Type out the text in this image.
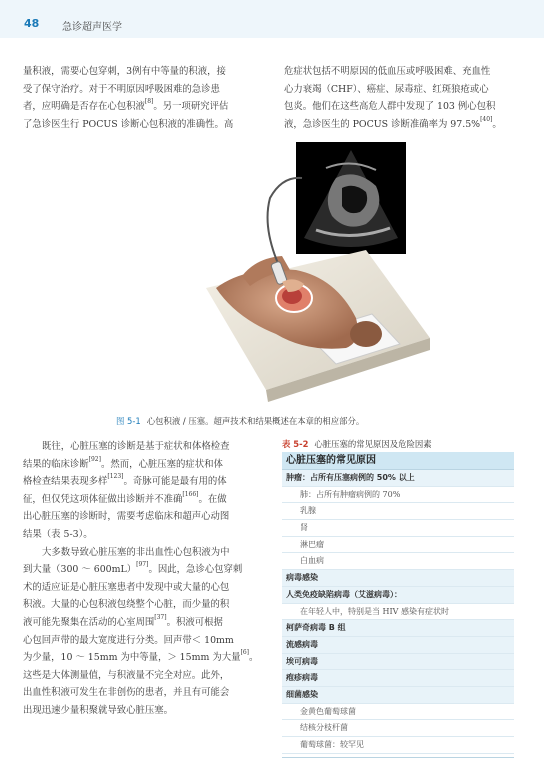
48 急诊超声医学

量积液，需要心包穿刺，3例有中等量的积液，接
受了保守治疗。对于不明原因呼吸困难的急诊患
者，应明确是否存在心包积液[8]。另一项研究评估
了急诊医生行 POCUS 诊断心包积液的准确性。高

危症状包括不明原因的低血压或呼吸困难、充血性
心力衰竭（CHF）、癌症、尿毒症、红斑狼疮或心
包炎。他们在这些高危人群中发现了 103 例心包积
液，急诊医生的 POCUS 诊断准确率为 97.5%[40]。

图 5-1 心包积液 / 压塞。超声技术和结果概述在本章的相应部分。

既往，心脏压塞的诊断是基于症状和体格检查
结果的临床诊断[92]。然而，心脏压塞的症状和体
格检查结果表现多样[123]。奇脉可能是最有用的体
征，但仅凭这项体征做出诊断并不准确[166]。在做
出心脏压塞的诊断时，需要考虑临床和超声心动图
结果（表 5-3）。
大多数导致心脏压塞的非出血性心包积液为中
到大量（300 ～ 600mL）[97]。因此，急诊心包穿刺
术的适应证是心脏压塞患者中发现中或大量的心包
积液。大量的心包积液包绕整个心脏，而少量的积
液可能先聚集在活动的心室周围[37]。积液可根据
心包回声带的最大宽度进行分类。回声带＜ 10mm
为少量，10 ～ 15mm 为中等量，＞ 15mm 为大量[6]。
这些是大体测量值，与积液量不完全对应。此外，
出血性积液可发生在非创伤的患者，并且有可能会
出现迅速少量积聚就导致心脏压塞。

表 5-2 心脏压塞的常见原因及危险因素
心脏压塞的常见原因
肿瘤：占所有压塞病例的 50% 以上
肺：占所有肿瘤病例的 70%
乳腺
肾
淋巴瘤
白血病
病毒感染
人类免疫缺陷病毒（艾滋病毒）：
在年轻人中，特别是当 HIV 感染有症状时
柯萨奇病毒 B 组
流感病毒
埃可病毒
疱疹病毒
细菌感染
金黄色葡萄球菌
结核分枝杆菌
葡萄球菌：较罕见
